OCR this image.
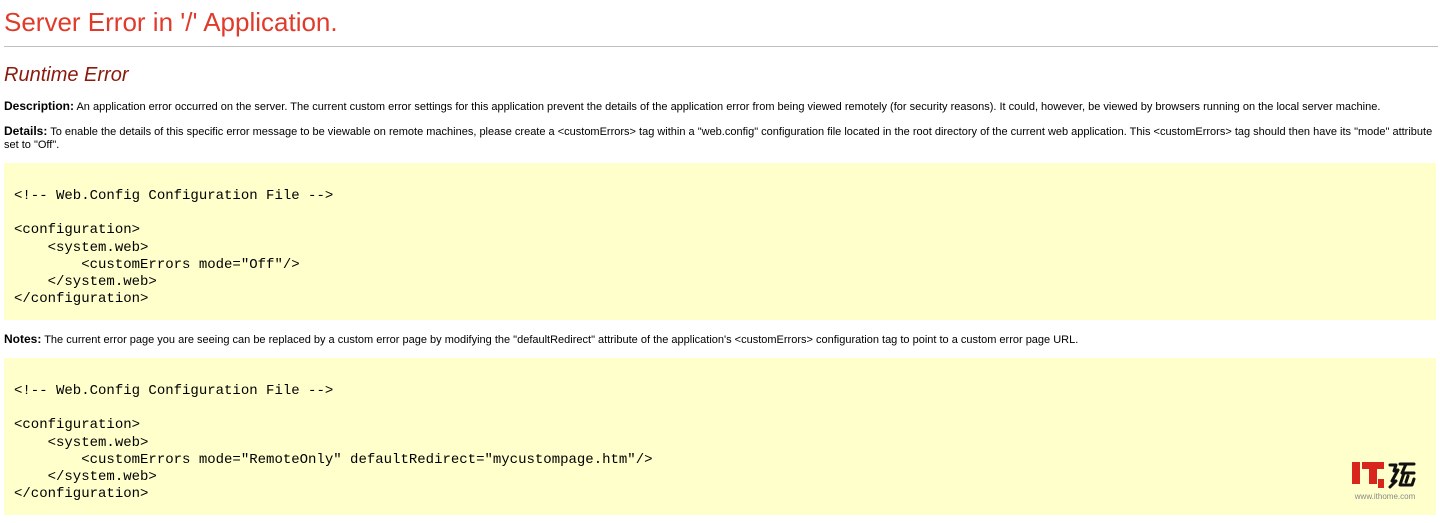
Server Error in '/' Application.
Runtime Error
Description: An application error occurred on the server. The current custom error settings for this application prevent the details of the application error from being viewed remotely (for security reasons). It could, however, be viewed by browsers running on the local server machine.
Details: To enable the details of this specific error message to be viewable on remote machines, please create a <customErrors> tag within a "web.config" configuration file located in the root directory of the current web application. This <customErrors> tag should then have its "mode" attribute set to "Off".
<!-- Web.Config Configuration File -->
<configuration>
<system.web>
<customErrors mode="Off"/>
</system.web>
</configuration>
Notes: The current error page you are seeing can be replaced by a custom error page by modifying the "defaultRedirect" attribute of the application's <customErrors> configuration tag to point to a custom error page URL.
<!-- Web.Config Configuration File -->
<configuration>
<system.web>
<customErrors mode="RemoteOnly" defaultRedirect="mycustompage.htm"/>
</system.web>
</configuration>	www.ithome.com
